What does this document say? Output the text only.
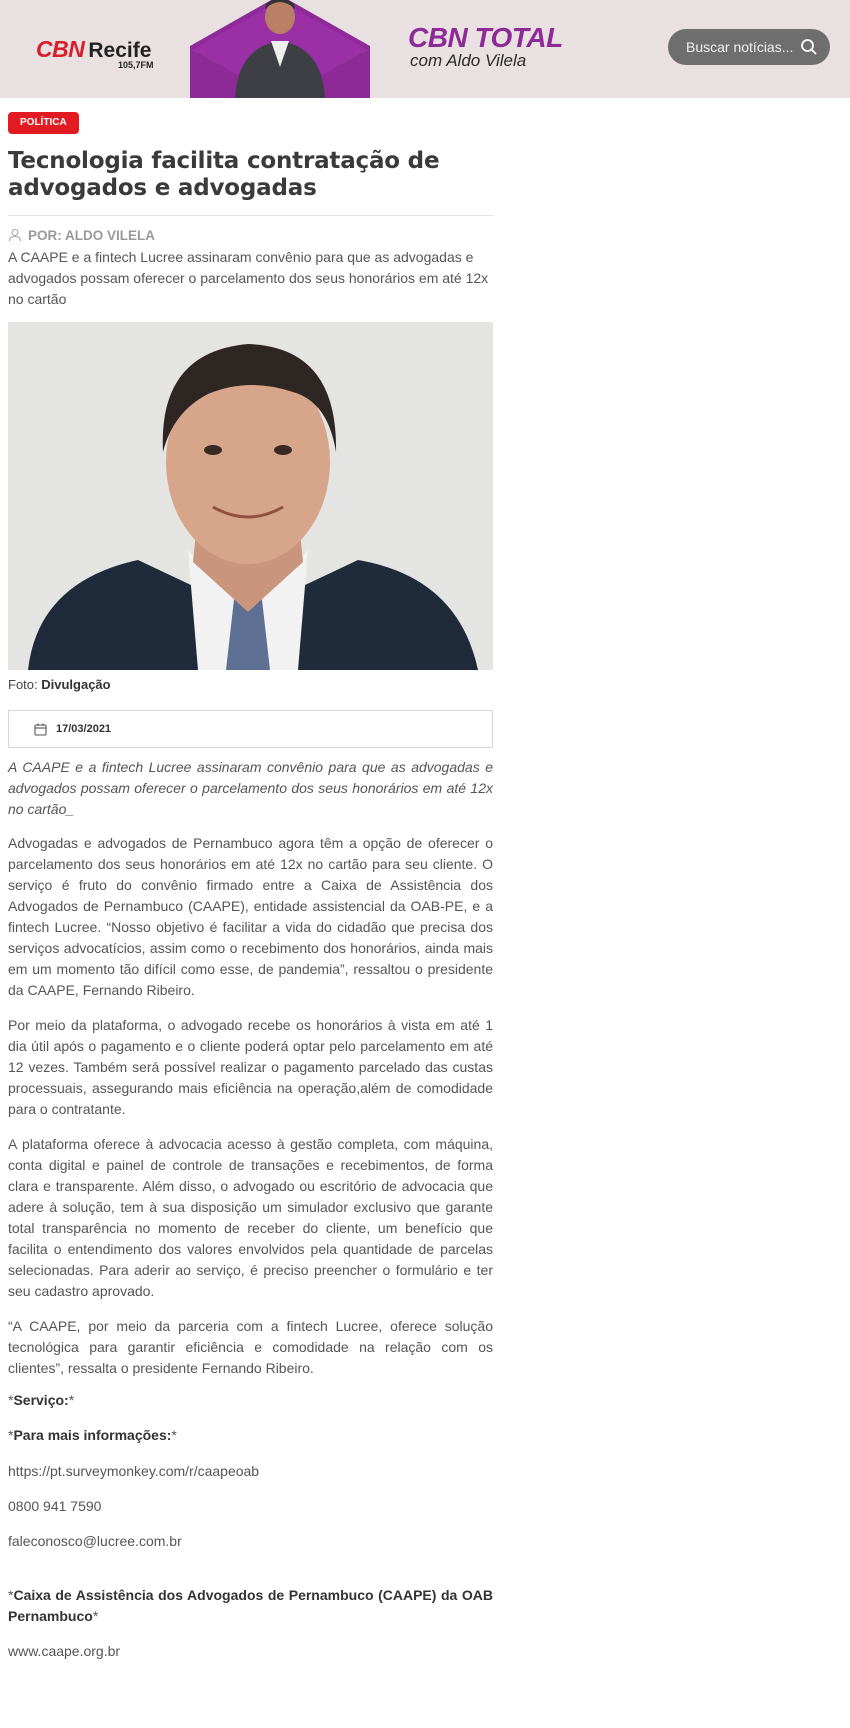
CBN Recife
105,7FM
CBN TOTAL
com Aldo Vilela
Buscar notícias...
POLÍTICA
Tecnologia facilita contratação de advogados e advogadas
POR: ALDO VILELA

A CAAPE e a fintech Lucree assinaram convênio para que as advogadas e advogados possam oferecer o parcelamento dos seus honorários em até 12x no cartão

Foto: Divulgação
17/03/2021

A CAAPE e a fintech Lucree assinaram convênio para que as advogadas e advogados possam oferecer o parcelamento dos seus honorários em até 12x no cartão_

Advogadas e advogados de Pernambuco agora têm a opção de oferecer o parcelamento dos seus honorários em até 12x no cartão para seu cliente. O serviço é fruto do convênio firmado entre a Caixa de Assistência dos Advogados de Pernambuco (CAAPE), entidade assistencial da OAB-PE, e a fintech Lucree. “Nosso objetivo é facilitar a vida do cidadão que precisa dos serviços advocatícios, assim como o recebimento dos honorários, ainda mais em um momento tão difícil como esse, de pandemia”, ressaltou o presidente da CAAPE, Fernando Ribeiro.

Por meio da plataforma, o advogado recebe os honorários à vista em até 1 dia útil após o pagamento e o cliente poderá optar pelo parcelamento em até 12 vezes. Também será possível realizar o pagamento parcelado das custas processuais, assegurando mais eficiência na operação,além de comodidade para o contratante.

A plataforma oferece à advocacia acesso à gestão completa, com máquina, conta digital e painel de controle de transações e recebimentos, de forma clara e transparente. Além disso, o advogado ou escritório de advocacia que adere à solução, tem à sua disposição um simulador exclusivo que garante total transparência no momento de receber do cliente, um benefício que facilita o entendimento dos valores envolvidos pela quantidade de parcelas selecionadas. Para aderir ao serviço, é preciso preencher o formulário e ter seu cadastro aprovado.

“A CAAPE, por meio da parceria com a fintech Lucree, oferece solução tecnológica para garantir eficiência e comodidade na relação com os clientes”, ressalta o presidente Fernando Ribeiro.

*Serviço:*

*Para mais informações:*

https://pt.surveymonkey.com/r/caapeoab

0800 941 7590

faleconosco@lucree.com.br

*Caixa de Assistência dos Advogados de Pernambuco (CAAPE) da OAB Pernambuco*

www.caape.org.br
